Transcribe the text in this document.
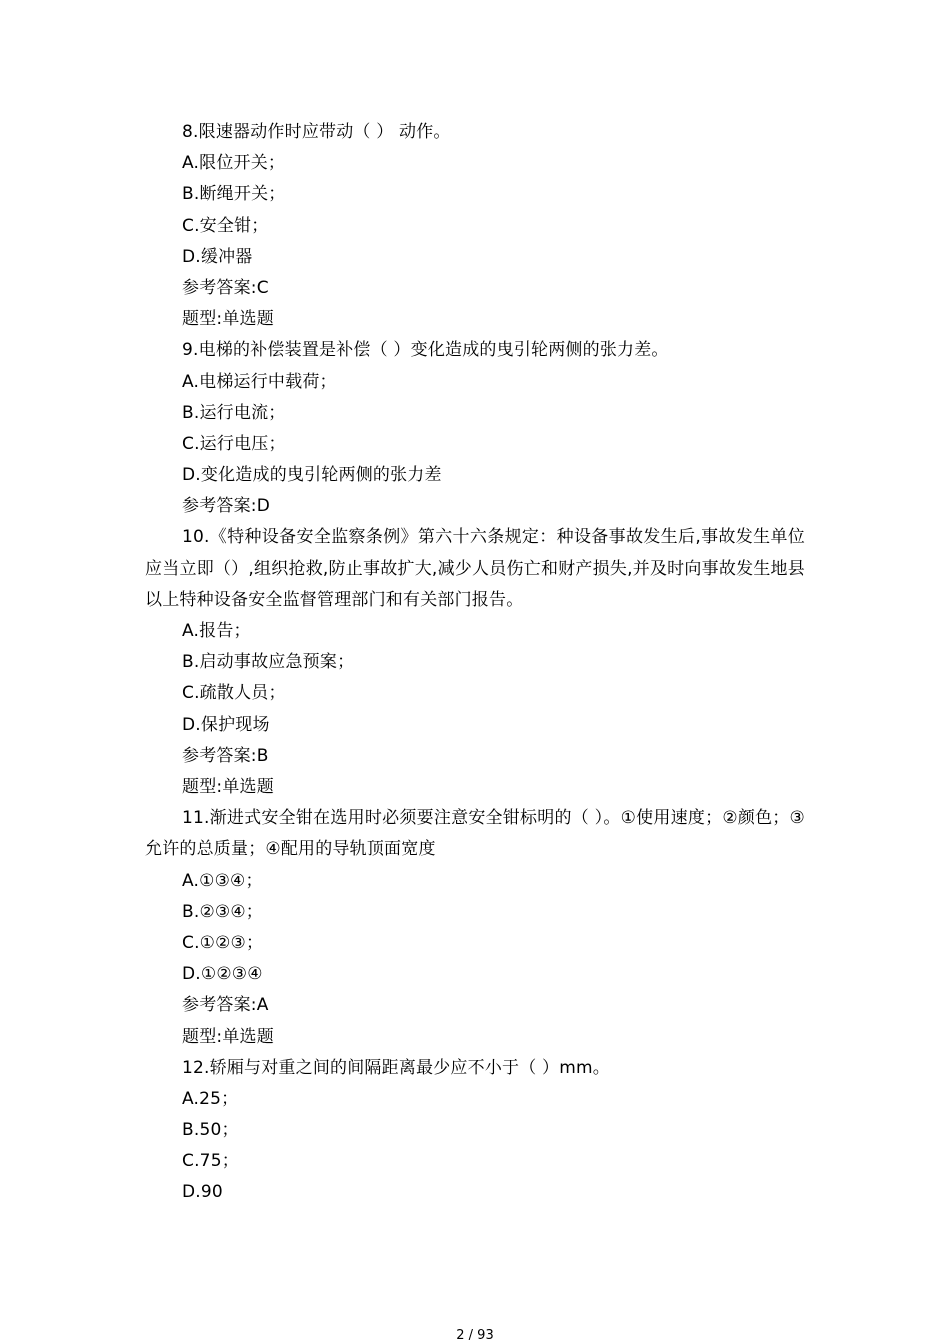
8.限速器动作时应带动（ ） 动作。
A.限位开关；
B.断绳开关；
C.安全钳；
D.缓冲器
参考答案:C
题型:单选题
9.电梯的补偿装置是补偿（ ）变化造成的曳引轮两侧的张力差。
A.电梯运行中载荷；
B.运行电流；
C.运行电压；
D.变化造成的曳引轮两侧的张力差
参考答案:D
10.《特种设备安全监察条例》第六十六条规定：种设备事故发生后,事故发生单位应当立即（）,组织抢救,防止事故扩大,减少人员伤亡和财产损失,并及时向事故发生地县以上特种设备安全监督管理部门和有关部门报告。
A.报告；
B.启动事故应急预案；
C.疏散人员；
D.保护现场
参考答案:B
题型:单选题
11.渐进式安全钳在选用时必须要注意安全钳标明的（ ）。①使用速度；②颜色；③允许的总质量；④配用的导轨顶面宽度
A.①③④；
B.②③④；
C.①②③；
D.①②③④
参考答案:A
题型:单选题
12.轿厢与对重之间的间隔距离最少应不小于（ ）mm。
A.25；
B.50；
C.75；
D.90
2 / 93
